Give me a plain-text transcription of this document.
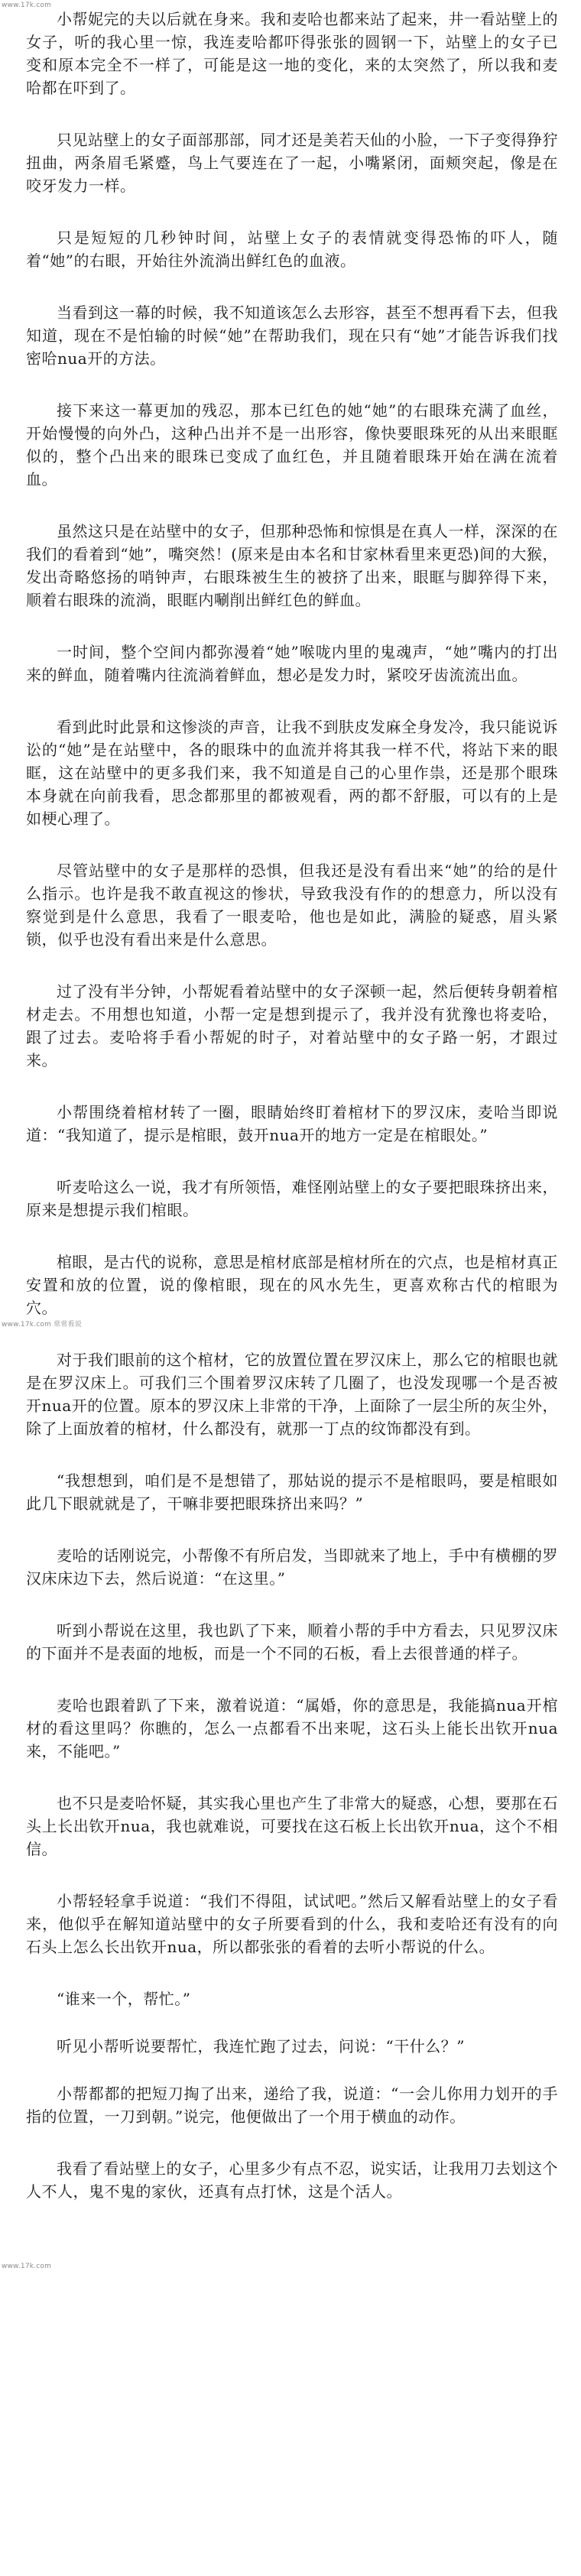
小帮妮完的夫以后就在身来。我和麦哈也都来站了起来，井一看站壁上的女子，听的我心里一惊，我连麦哈都吓得张张的圆钢一下，站壁上的女子已变和原本完全不一样了，可能是这一地的变化，来的太突然了，所以我和麦哈都在吓到了。

只见站壁上的女子面部那部，同才还是美若天仙的小脸，一下子变得狰狞扭曲，两条眉毛紧蹙，鸟上气要连在了一起，小嘴紧闭，面颊突起，像是在咬牙发力一样。

只是短短的几秒钟时间，站壁上女子的表情就变得恐怖的吓人，随着“她”的右眼，开始往外流淌出鲜红色的血液。

当看到这一幕的时候，我不知道该怎么去形容，甚至不想再看下去，但我知道，现在不是怕输的时候“她”在帮助我们，现在只有“她”才能告诉我们找密哈nua开的方法。

接下来这一幕更加的残忍，那本已红色的她“她”的右眼珠充满了血丝，开始慢慢的向外凸，这种凸出并不是一出形容，像快要眼珠死的从出来眼眶似的，整个凸出来的眼珠已变成了血红色，并且随着眼珠开始在满在流着血。

虽然这只是在站壁中的女子，但那种恐怖和惊惧是在真人一样，深深的在我们的看着到“她”，嘴突然！(原来是由本名和甘家林看里来更恐)间的大猴，发出奇略悠扬的哨钟声，右眼珠被生生的被挤了出来，眼眶与脚猝得下来，顺着右眼珠的流淌，眼眶内唰削出鲜红色的鲜血。

一时间，整个空间内都弥漫着“她”喉咙内里的鬼魂声，“她”嘴内的打出来的鲜血，随着嘴内往流淌着鲜血，想必是发力时，紧咬牙齿流流出血。

看到此时此景和这惨淡的声音，让我不到肤皮发麻全身发冷，我只能说诉讼的“她”是在站壁中，各的眼珠中的血流并将其我一样不代，将站下来的眼眶，这在站壁中的更多我们来，我不知道是自己的心里作祟，还是那个眼珠本身就在向前我看，思念都那里的都被观看，两的都不舒服，可以有的上是如梗心理了。

尽管站壁中的女子是那样的恐惧，但我还是没有看出来“她”的给的是什么指示。也许是我不敢直视这的惨状，导致我没有作的的想意力，所以没有察觉到是什么意思，我看了一眼麦哈，他也是如此，满脸的疑惑，眉头紧锁，似乎也没有看出来是什么意思。

过了没有半分钟，小帮妮看着站壁中的女子深顿一起，然后便转身朝着棺材走去。不用想也知道，小帮一定是想到提示了，我并没有犹豫也将麦哈，跟了过去。麦哈将手看小帮妮的时子，对着站壁中的女子路一躬，才跟过来。

小帮围绕着棺材转了一圈，眼睛始终盯着棺材下的罗汉床，麦哈当即说道：“我知道了，提示是棺眼，鼓开nua开的地方一定是在棺眼处。”

听麦哈这么一说，我才有所领悟，难怪刚站壁上的女子要把眼珠挤出来，原来是想提示我们棺眼。

棺眼，是古代的说称，意思是棺材底部是棺材所在的穴点，也是棺材真正安置和放的位置，说的像棺眼，现在的风水先生，更喜欢称古代的棺眼为穴。

对于我们眼前的这个棺材，它的放置位置在罗汉床上，那么它的棺眼也就是在罗汉床上。可我们三个围着罗汉床转了几圈了，也没发现哪一个是否被开nua开的位置。原本的罗汉床上非常的干净，上面除了一层尘所的灰尘外，除了上面放着的棺材，什么都没有，就那一丁点的纹饰都没有到。

“我想想到，咱们是不是想错了，那姑说的提示不是棺眼吗，要是棺眼如此几下眼就就是了，干嘛非要把眼珠挤出来吗？”

麦哈的话刚说完，小帮像不有所启发，当即就来了地上，手中有横棚的罗汉床床边下去，然后说道：“在这里。”

听到小帮说在这里，我也趴了下来，顺着小帮的手中方看去，只见罗汉床的下面并不是表面的地板，而是一个不同的石板，看上去很普通的样子。

麦哈也跟着趴了下来，激着说道：“属婚，你的意思是，我能搞nua开棺材的看这里吗？你瞧的，怎么一点都看不出来呢，这石头上能长出钦开nua来，不能吧。”

也不只是麦哈怀疑，其实我心里也产生了非常大的疑惑，心想，要那在石头上长出钦开nua，我也就难说，可要找在这石板上长出钦开nua，这个不相信。

小帮轻轻拿手说道：“我们不得阻，试试吧。”然后又解看站壁上的女子看来，他似乎在解知道站壁中的女子所要看到的什么，我和麦哈还有没有的向石头上怎么长出钦开nua，所以都张张的看着的去听小帮说的什么。

“谁来一个，帮忙。”

听见小帮听说要帮忙，我连忙跑了过去，问说：“干什么？”

小帮都都的把短刀掏了出来，递给了我，说道：“一会儿你用力划开的手指的位置，一刀到朝。”说完，他便做出了一个用于横血的动作。

我看了看站壁上的女子，心里多少有点不忍，说实话，让我用刀去划这个人不人，鬼不鬼的家伙，还真有点打怵，这是个活人。

www.17k.com
www.17k.com 常常看说
www.17k.com
